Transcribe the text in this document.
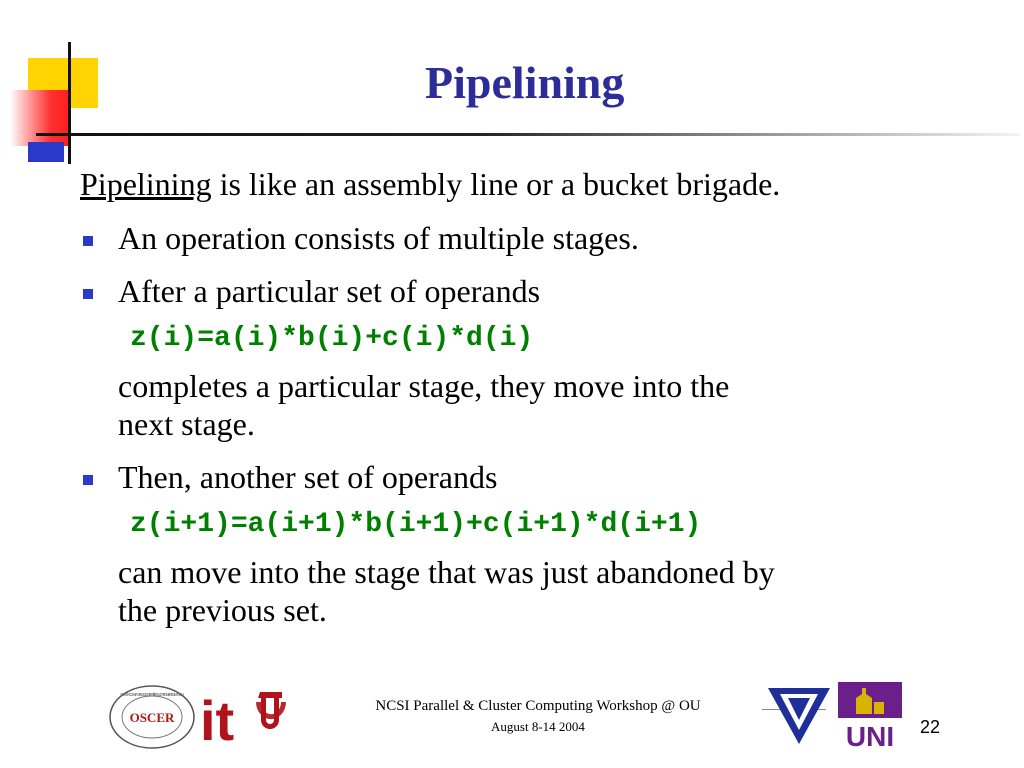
Pipelining
Pipelining is like an assembly line or a bucket brigade.
An operation consists of multiple stages.
After a particular set of operands
z(i)=a(i)*b(i)+c(i)*d(i)
completes a particular stage, they move into the
next stage.
Then, another set of operands
z(i+1)=a(i+1)*b(i+1)+c(i+1)*d(i+1)
can move into the stage that was just abandoned by
the previous set.
OSCER
SUPERCOMPUTING CENTER for EDUCATION & RESEARCH it	NCSI Parallel & Cluster Computing Workshop @ OU
August 8-14 2004	UNI	22
